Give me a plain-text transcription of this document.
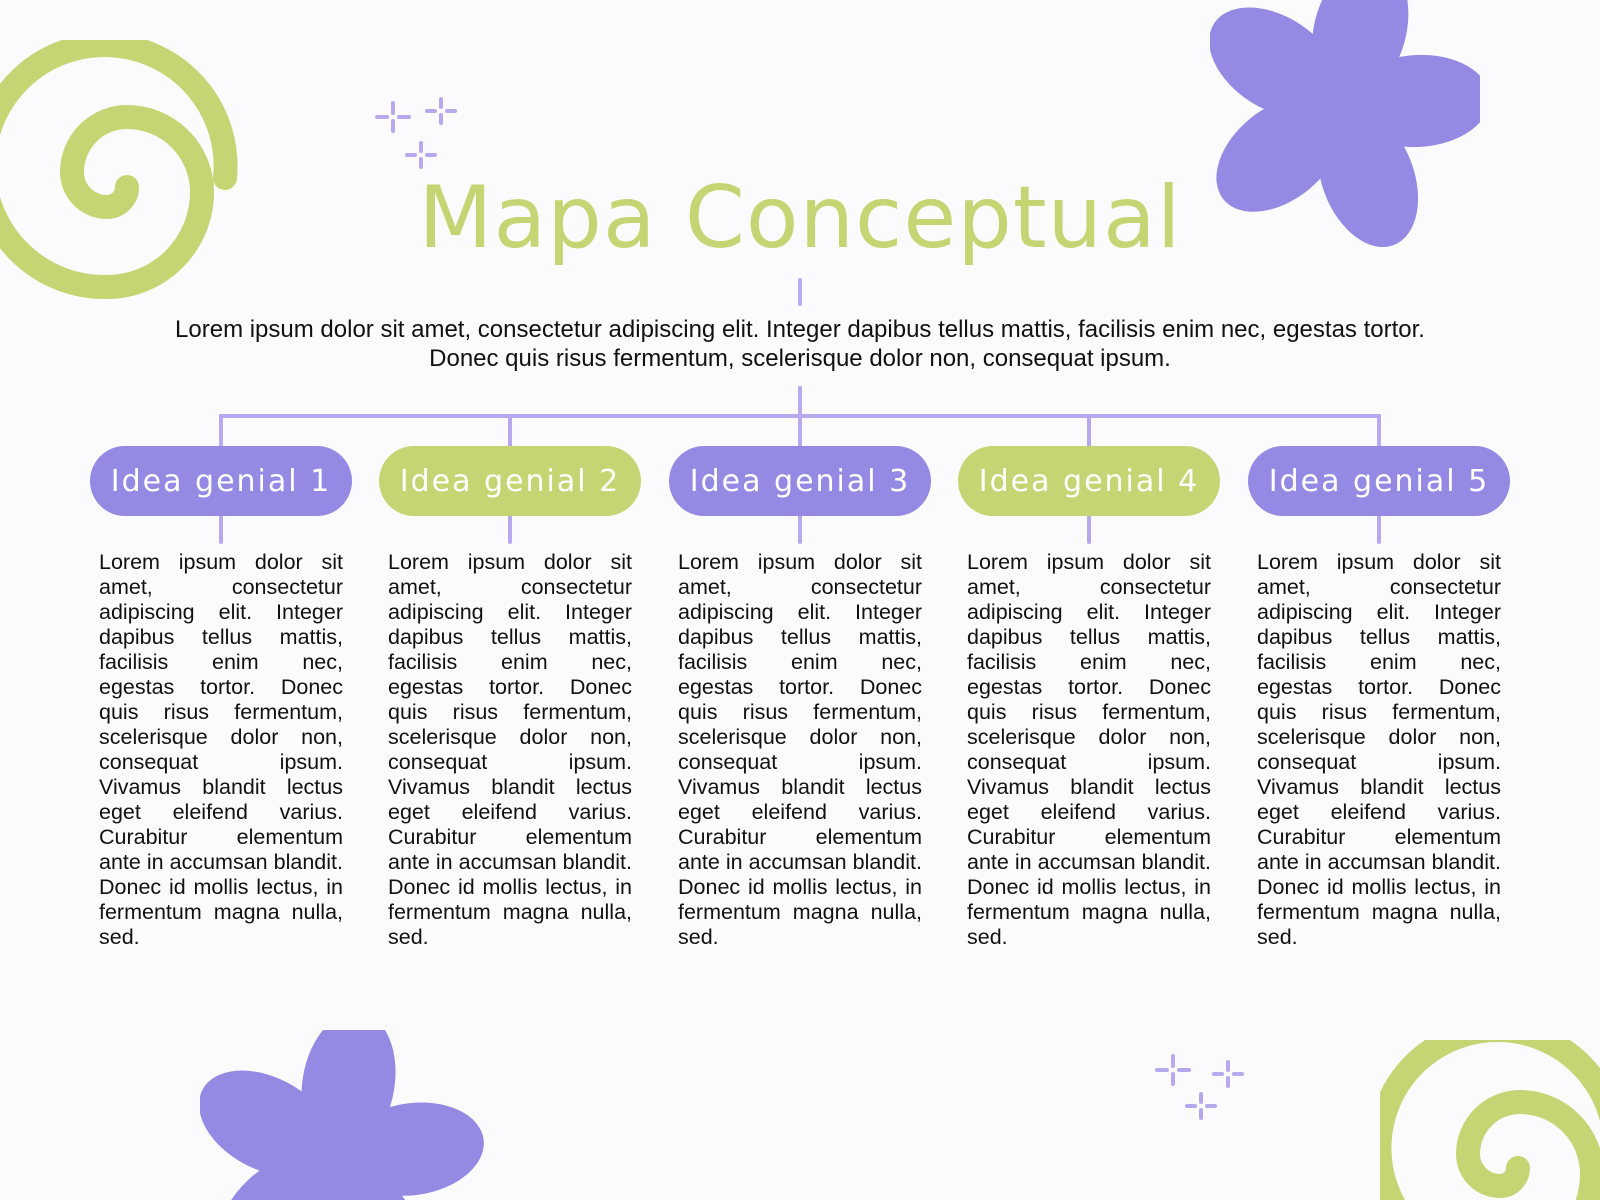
Mapa Conceptual

Lorem ipsum dolor sit amet, consectetur adipiscing elit. Integer dapibus tellus mattis, facilisis enim nec, egestas tortor. Donec quis risus fermentum, scelerisque dolor non, consequat ipsum.

Idea genial 1	Idea genial 2	Idea genial 3	Idea genial 4	Idea genial 5

Lorem ipsum dolor sit amet, consectetur adipiscing elit. Integer dapibus tellus mattis, facilisis enim nec, egestas tortor. Donec quis risus fermentum, scelerisque dolor non, consequat ipsum. Vivamus blandit lectus eget eleifend varius. Curabitur elementum ante in accumsan blandit. Donec id mollis lectus, in fermentum magna nulla, sed.

Lorem ipsum dolor sit amet, consectetur adipiscing elit. Integer dapibus tellus mattis, facilisis enim nec, egestas tortor. Donec quis risus fermentum, scelerisque dolor non, consequat ipsum. Vivamus blandit lectus eget eleifend varius. Curabitur elementum ante in accumsan blandit. Donec id mollis lectus, in fermentum magna nulla, sed.

Lorem ipsum dolor sit amet, consectetur adipiscing elit. Integer dapibus tellus mattis, facilisis enim nec, egestas tortor. Donec quis risus fermentum, scelerisque dolor non, consequat ipsum. Vivamus blandit lectus eget eleifend varius. Curabitur elementum ante in accumsan blandit. Donec id mollis lectus, in fermentum magna nulla, sed.

Lorem ipsum dolor sit amet, consectetur adipiscing elit. Integer dapibus tellus mattis, facilisis enim nec, egestas tortor. Donec quis risus fermentum, scelerisque dolor non, consequat ipsum. Vivamus blandit lectus eget eleifend varius. Curabitur elementum ante in accumsan blandit. Donec id mollis lectus, in fermentum magna nulla, sed.

Lorem ipsum dolor sit amet, consectetur adipiscing elit. Integer dapibus tellus mattis, facilisis enim nec, egestas tortor. Donec quis risus fermentum, scelerisque dolor non, consequat ipsum. Vivamus blandit lectus eget eleifend varius. Curabitur elementum ante in accumsan blandit. Donec id mollis lectus, in fermentum magna nulla, sed.
